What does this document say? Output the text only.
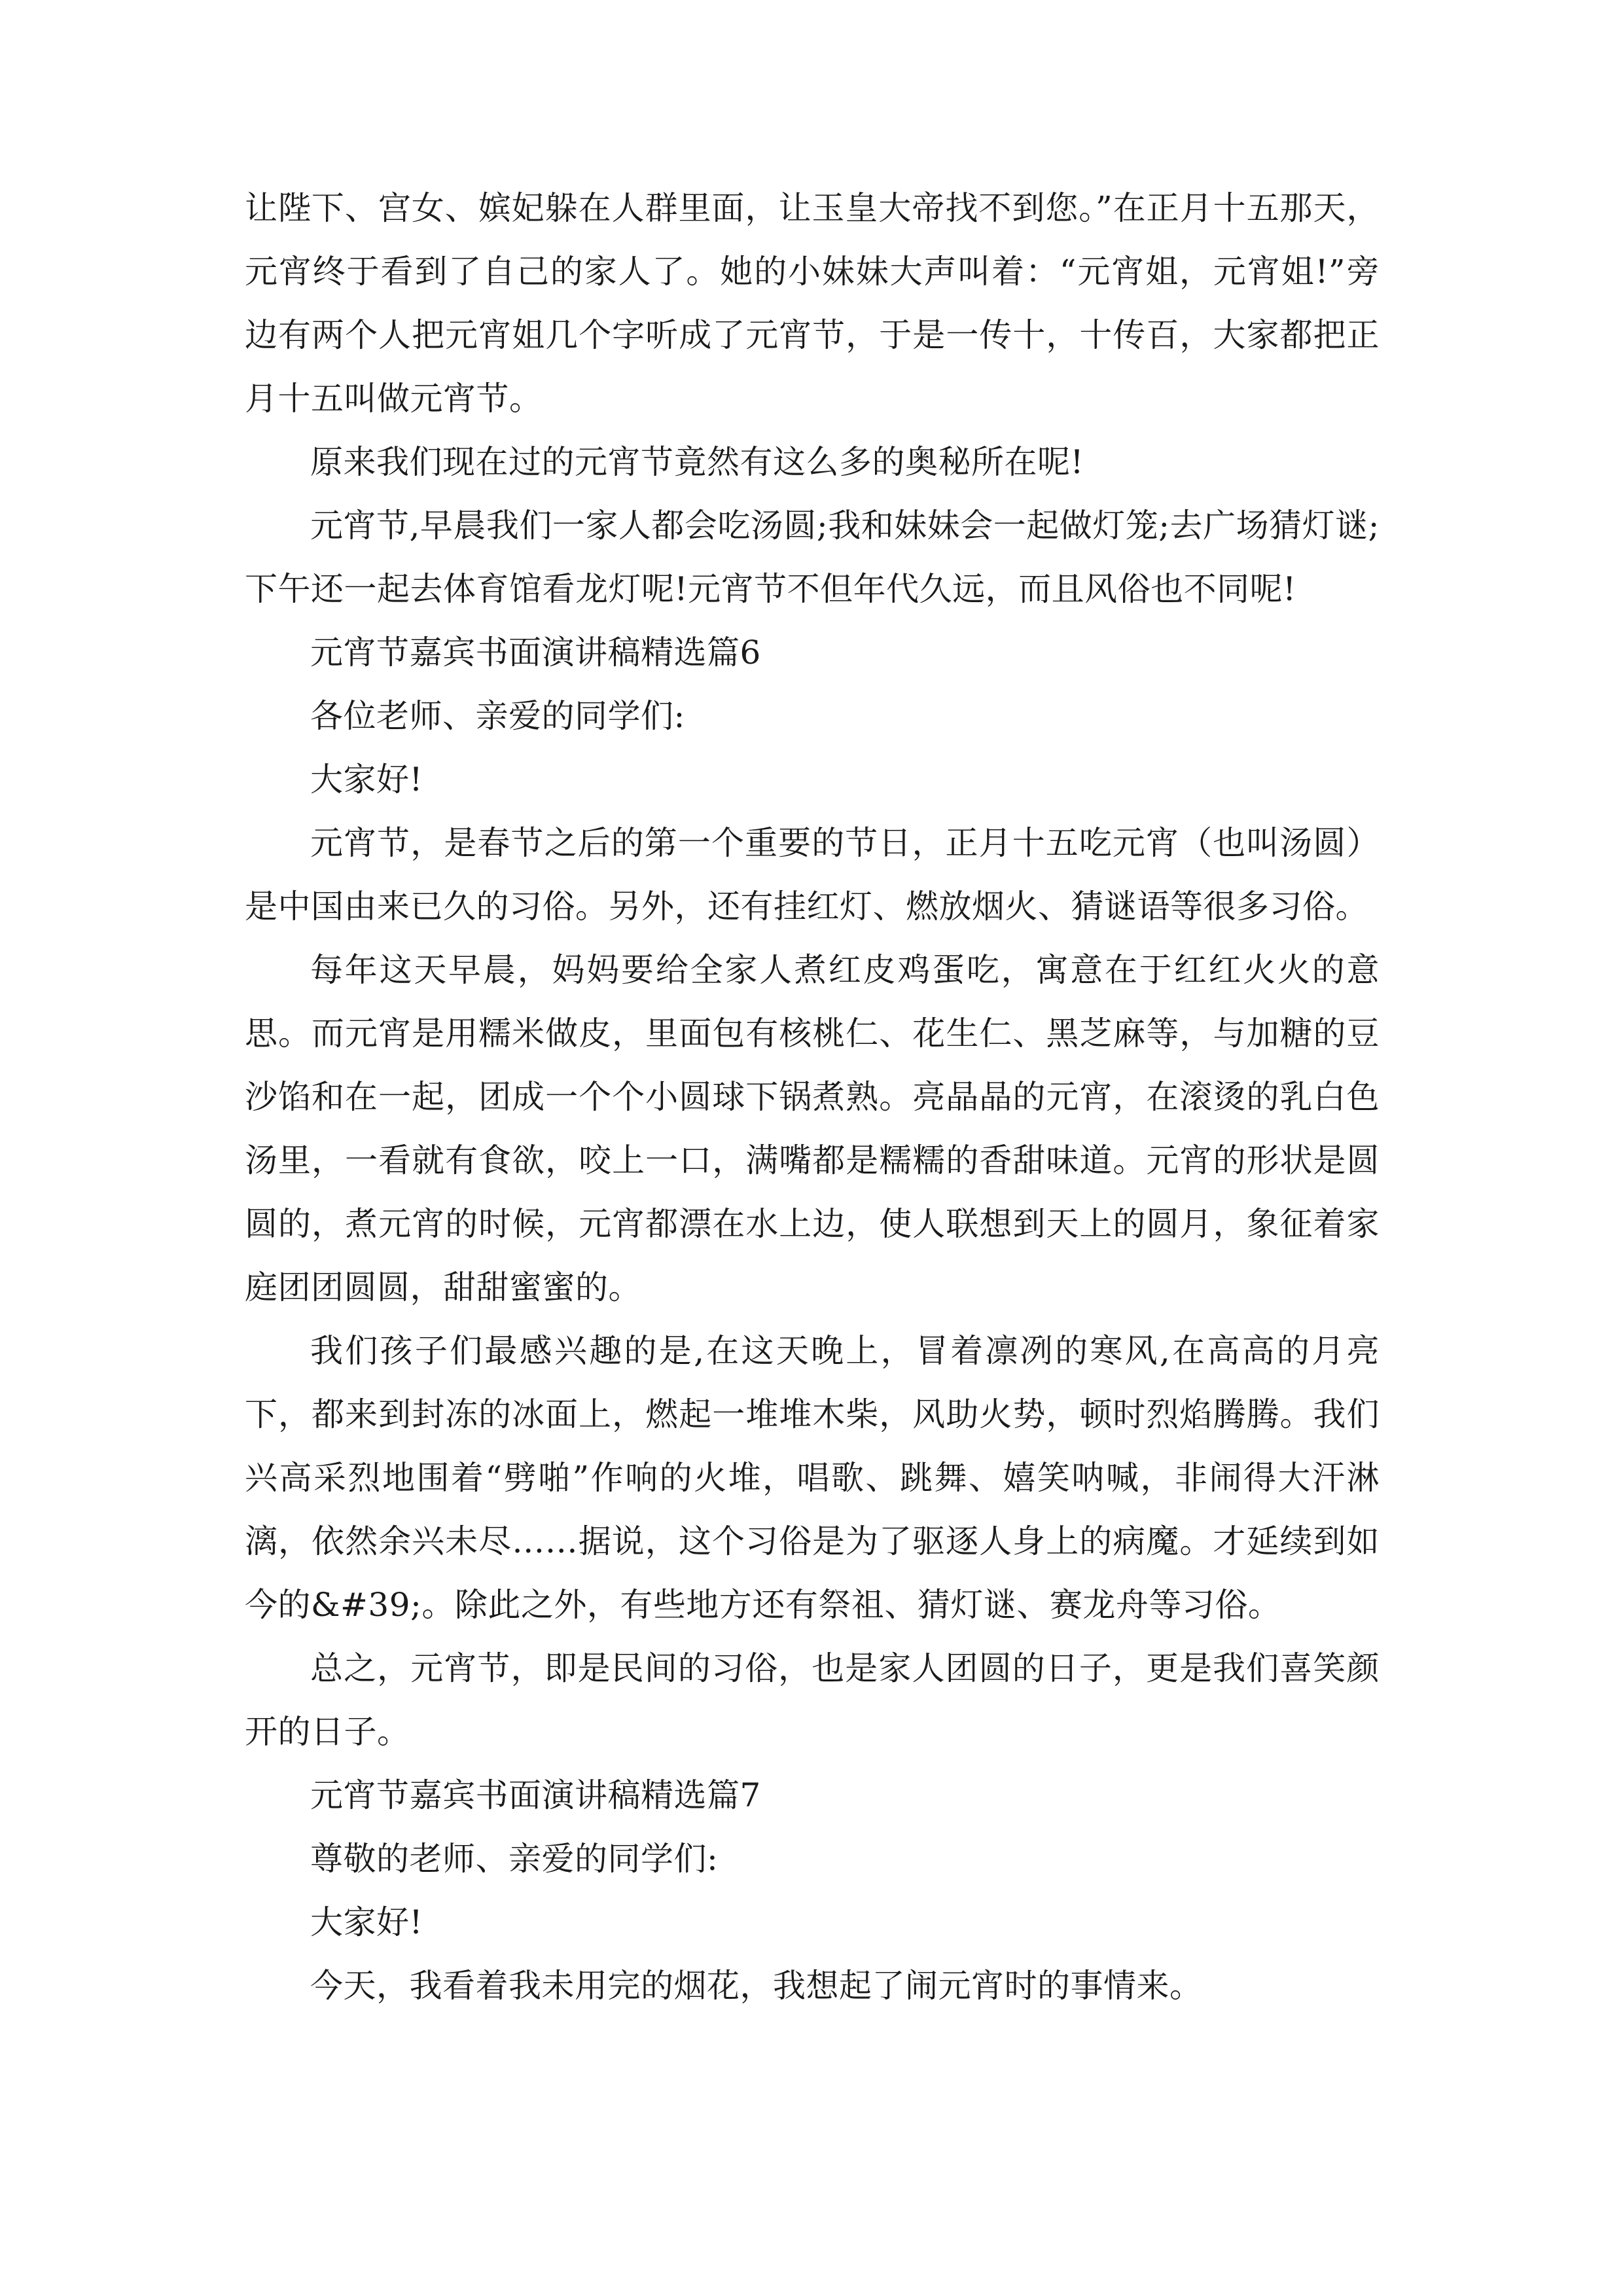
让陛下、宫女、嫔妃躲在人群里面，让玉皇大帝找不到您。”在正月十五那天，元宵终于看到了自己的家人了。她的小妹妹大声叫着：“元宵姐，元宵姐!”旁边有两个人把元宵姐几个字听成了元宵节，于是一传十，十传百，大家都把正月十五叫做元宵节。

原来我们现在过的元宵节竟然有这么多的奥秘所在呢!

元宵节,早晨我们一家人都会吃汤圆;我和妹妹会一起做灯笼;去广场猜灯谜;下午还一起去体育馆看龙灯呢!元宵节不但年代久远，而且风俗也不同呢!

元宵节嘉宾书面演讲稿精选篇6

各位老师、亲爱的同学们:

大家好!

元宵节，是春节之后的第一个重要的节日，正月十五吃元宵（也叫汤圆）是中国由来已久的习俗。另外，还有挂红灯、燃放烟火、猜谜语等很多习俗。

每年这天早晨，妈妈要给全家人煮红皮鸡蛋吃，寓意在于红红火火的意思。而元宵是用糯米做皮，里面包有核桃仁、花生仁、黑芝麻等，与加糖的豆沙馅和在一起，团成一个个小圆球下锅煮熟。亮晶晶的元宵，在滚烫的乳白色汤里，一看就有食欲，咬上一口，满嘴都是糯糯的香甜味道。元宵的形状是圆圆的，煮元宵的时候，元宵都漂在水上边，使人联想到天上的圆月，象征着家庭团团圆圆，甜甜蜜蜜的。

我们孩子们最感兴趣的是,在这天晚上，冒着凛冽的寒风,在高高的月亮下，都来到封冻的冰面上，燃起一堆堆木柴，风助火势，顿时烈焰腾腾。我们兴高采烈地围着“劈啪”作响的火堆，唱歌、跳舞、嬉笑呐喊，非闹得大汗淋漓，依然余兴未尽……据说，这个习俗是为了驱逐人身上的病魔。才延续到如今的&#39;。除此之外，有些地方还有祭祖、猜灯谜、赛龙舟等习俗。

总之，元宵节，即是民间的习俗，也是家人团圆的日子，更是我们喜笑颜开的日子。

元宵节嘉宾书面演讲稿精选篇7

尊敬的老师、亲爱的同学们:

大家好!

今天，我看着我未用完的烟花，我想起了闹元宵时的事情来。
